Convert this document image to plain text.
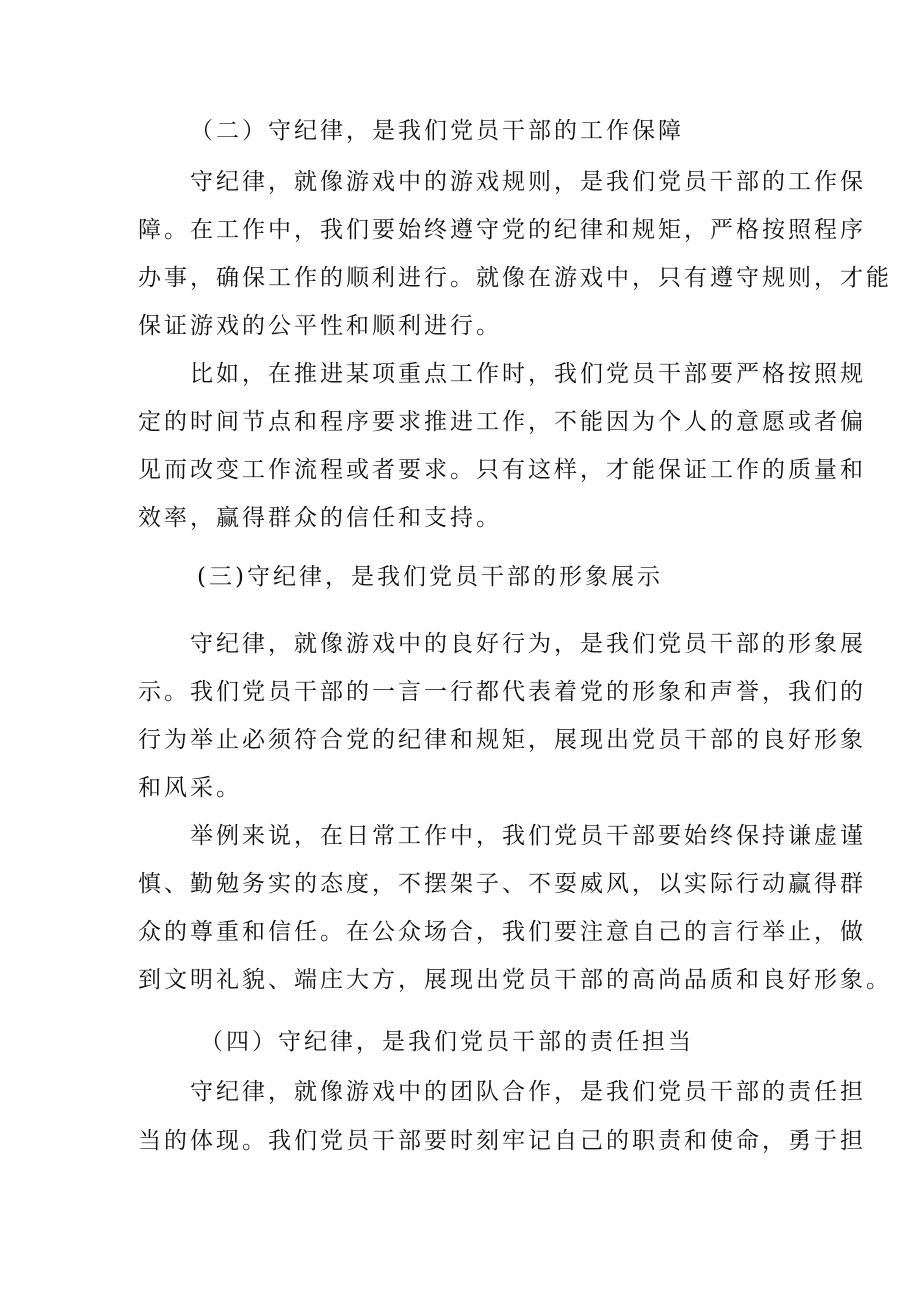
（二）守纪律，是我们党员干部的工作保障
守纪律，就像游戏中的游戏规则，是我们党员干部的工作保
障。在工作中，我们要始终遵守党的纪律和规矩，严格按照程序
办事，确保工作的顺利进行。就像在游戏中，只有遵守规则，才能
保证游戏的公平性和顺利进行。
比如，在推进某项重点工作时，我们党员干部要严格按照规
定的时间节点和程序要求推进工作，不能因为个人的意愿或者偏
见而改变工作流程或者要求。只有这样，才能保证工作的质量和
效率，赢得群众的信任和支持。
(三)守纪律，是我们党员干部的形象展示
守纪律，就像游戏中的良好行为，是我们党员干部的形象展
示。我们党员干部的一言一行都代表着党的形象和声誉，我们的
行为举止必须符合党的纪律和规矩，展现出党员干部的良好形象
和风采。
举例来说，在日常工作中，我们党员干部要始终保持谦虚谨
慎、勤勉务实的态度，不摆架子、不耍威风，以实际行动赢得群
众的尊重和信任。在公众场合，我们要注意自己的言行举止，做
到文明礼貌、端庄大方，展现出党员干部的高尚品质和良好形象。
（四）守纪律，是我们党员干部的责任担当
守纪律，就像游戏中的团队合作，是我们党员干部的责任担
当的体现。我们党员干部要时刻牢记自己的职责和使命，勇于担
